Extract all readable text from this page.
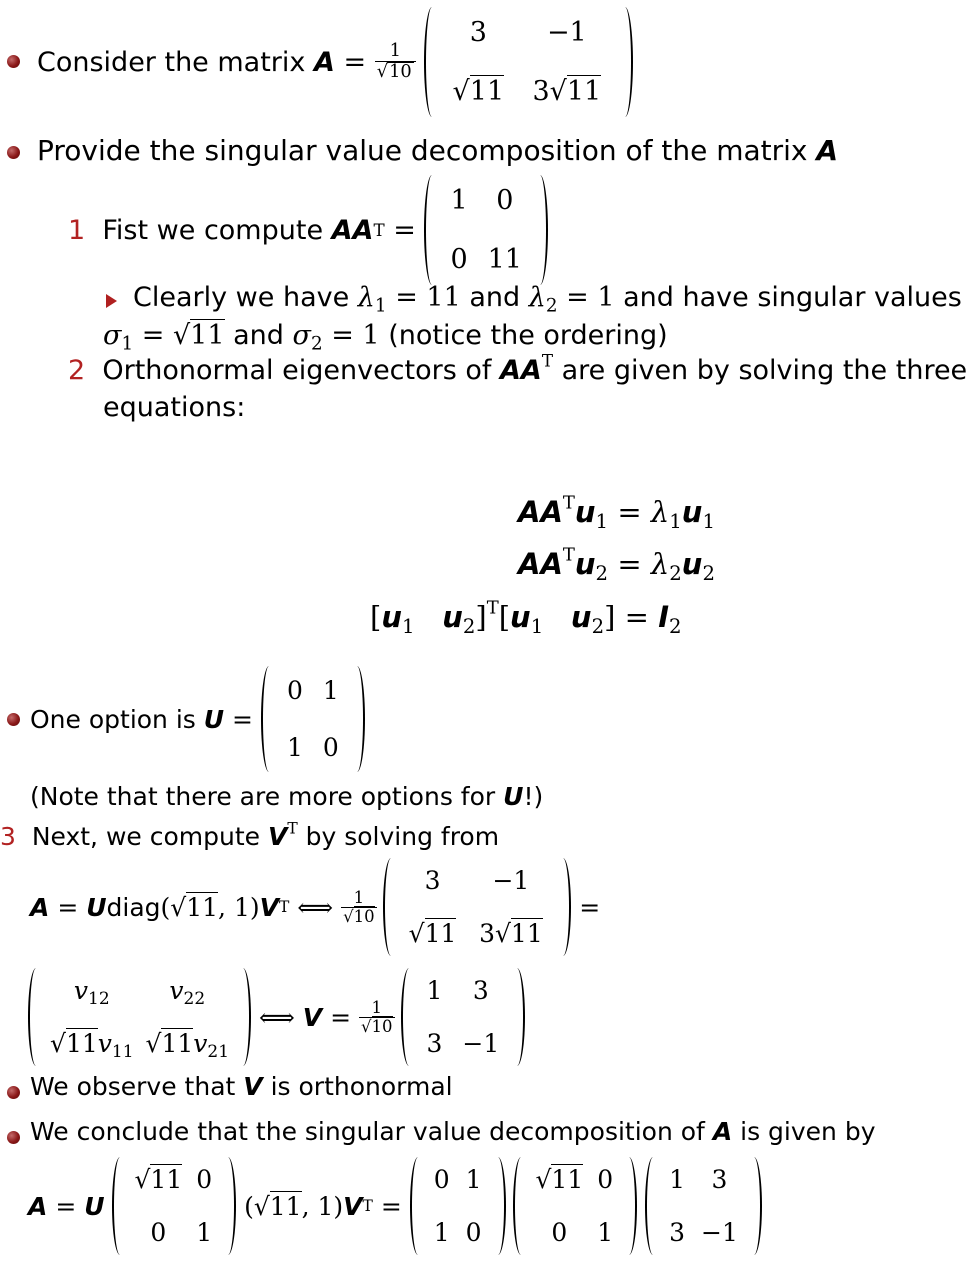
Consider the matrix
A
=
$\frac{1}{√10}$
3	−1
√11	3√11
Provide the singular value decomposition of the matrix A
1
Fist we compute
AA T
=

1	0
0	11
Clearly we have $\lambda_1 = 11$ and $\lambda_2 = 1$ and have singular values
$\sigma_1 = √11$ and $\sigma_2 = 1$ (notice the ordering)
2 Orthonormal eigenvectors of $AA^T$ are given by solving the three
equations:
$AA^Tu_1 = \lambda_1u_1$
$AA^Tu_2 = \lambda_2u_2$
[$u_1$ $u_2]^T[u_1$ $u_2] = I_2$
One option is
U
=

0	1
1	0
(Note that there are more options for U!)
3 Next, we compute $V^T$ by solving from
A
=
U diag (√11, 1) V T
⟺
$\frac{1}{√10}$
3	−1
√11	3√11

=
$v_{12}$	$v_{22}$
$√11v_{11}$	$√11v_{21}$

⟺
V
=
$\frac{1}{√10}$
1	3
3	−1
We observe that V is orthonormal
We conclude that the singular value decomposition of A is given by
A
=
U

√11	0
0	1

(√11, 1) V T
=

0	1
1	0

√11	0
0	1

1	3
3	−1
